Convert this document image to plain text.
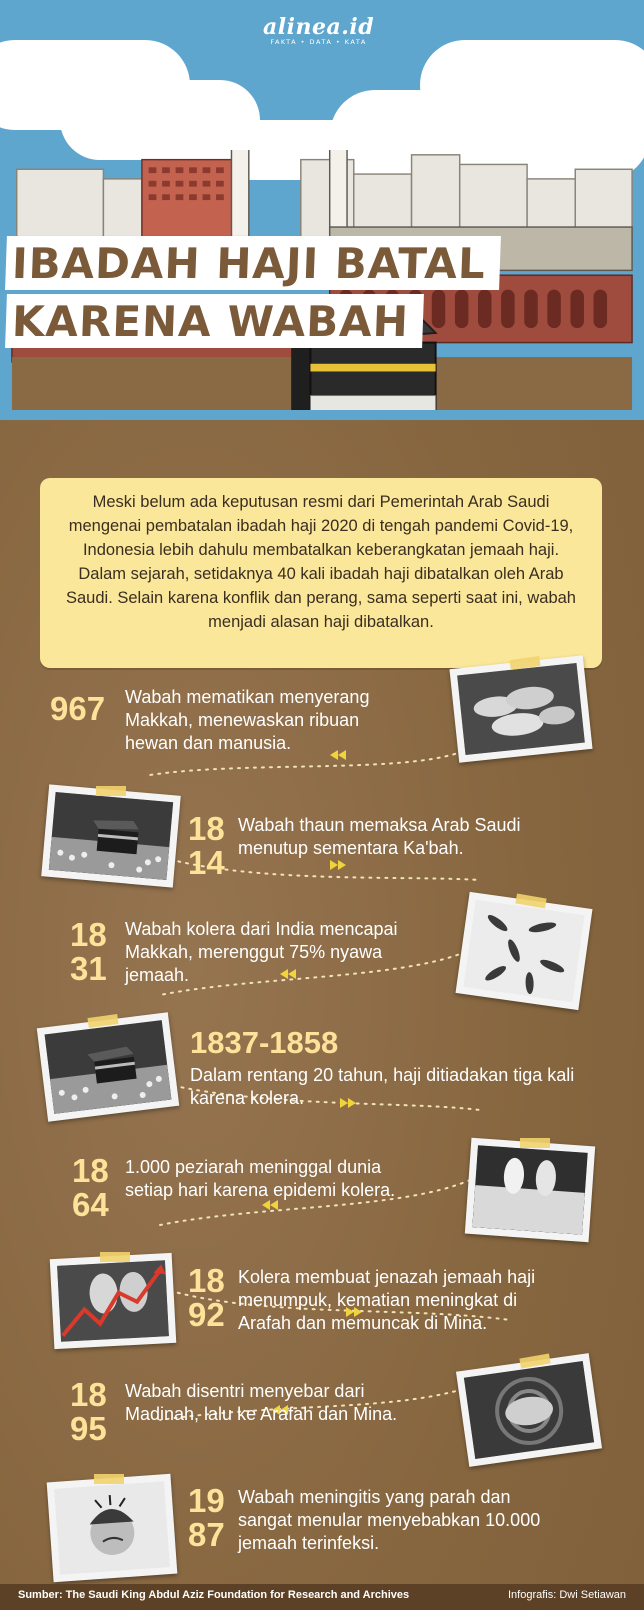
alinea.id
FAKTA • DATA • KATA
IBADAH HAJI BATAL
KARENA WABAH

Meski belum ada keputusan resmi dari Pemerintah Arab Saudi mengenai pembatalan ibadah haji 2020 di tengah pandemi Covid-19, Indonesia lebih dahulu membatalkan keberangkatan jemaah haji. Dalam sejarah, setidaknya 40 kali ibadah haji dibatalkan oleh Arab Saudi. Selain karena konflik dan perang, sama seperti saat ini, wabah menjadi alasan haji dibatalkan.

967 Wabah mematikan menyerang Makkah, menewaskan ribuan hewan dan manusia.
18
14
Wabah thaun memaksa Arab Saudi menutup sementara Ka'bah.
18
31
Wabah kolera dari India mencapai Makkah, merenggut 75% nyawa jemaah.
1837-1858
Dalam rentang 20 tahun, haji ditiadakan tiga kali karena kolera.
18
64
1.000 peziarah meninggal dunia setiap hari karena epidemi kolera.
18
92
Kolera membuat jenazah jemaah haji menumpuk, kematian meningkat di Arafah dan memuncak di Mina.
18
95
Wabah disentri menyebar dari Madinah, lalu ke Arafah dan Mina.
19
87
Wabah meningitis yang parah dan sangat menular menyebabkan 10.000 jemaah terinfeksi.
Sumber: The Saudi King Abdul Aziz Foundation for Research and Archives	Infografis: Dwi Setiawan
